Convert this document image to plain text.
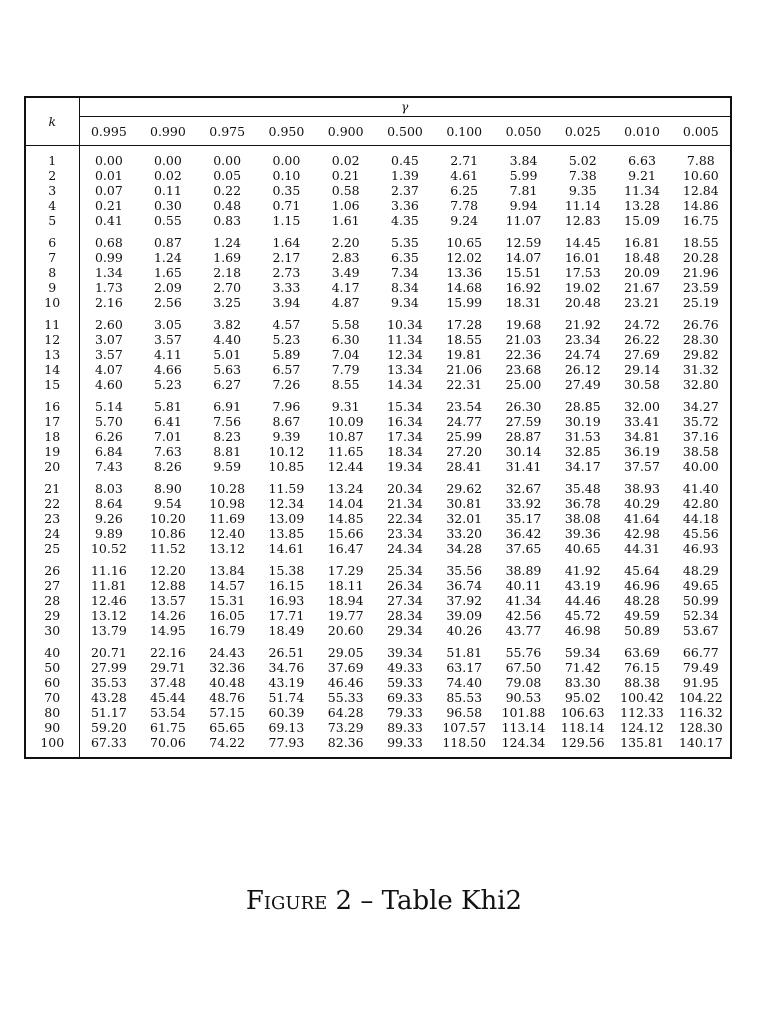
k	γ										
	0.995	0.990	0.975	0.950	0.900	0.500	0.100	0.050	0.025	0.010	0.005

1	0.00	0.00	0.00	0.00	0.02	0.45	2.71	3.84	5.02	6.63	7.88
2	0.01	0.02	0.05	0.10	0.21	1.39	4.61	5.99	7.38	9.21	10.60
3	0.07	0.11	0.22	0.35	0.58	2.37	6.25	7.81	9.35	11.34	12.84
4	0.21	0.30	0.48	0.71	1.06	3.36	7.78	9.94	11.14	13.28	14.86
5	0.41	0.55	0.83	1.15	1.61	4.35	9.24	11.07	12.83	15.09	16.75

6	0.68	0.87	1.24	1.64	2.20	5.35	10.65	12.59	14.45	16.81	18.55
7	0.99	1.24	1.69	2.17	2.83	6.35	12.02	14.07	16.01	18.48	20.28
8	1.34	1.65	2.18	2.73	3.49	7.34	13.36	15.51	17.53	20.09	21.96
9	1.73	2.09	2.70	3.33	4.17	8.34	14.68	16.92	19.02	21.67	23.59
10	2.16	2.56	3.25	3.94	4.87	9.34	15.99	18.31	20.48	23.21	25.19

11	2.60	3.05	3.82	4.57	5.58	10.34	17.28	19.68	21.92	24.72	26.76
12	3.07	3.57	4.40	5.23	6.30	11.34	18.55	21.03	23.34	26.22	28.30
13	3.57	4.11	5.01	5.89	7.04	12.34	19.81	22.36	24.74	27.69	29.82
14	4.07	4.66	5.63	6.57	7.79	13.34	21.06	23.68	26.12	29.14	31.32
15	4.60	5.23	6.27	7.26	8.55	14.34	22.31	25.00	27.49	30.58	32.80

16	5.14	5.81	6.91	7.96	9.31	15.34	23.54	26.30	28.85	32.00	34.27
17	5.70	6.41	7.56	8.67	10.09	16.34	24.77	27.59	30.19	33.41	35.72
18	6.26	7.01	8.23	9.39	10.87	17.34	25.99	28.87	31.53	34.81	37.16
19	6.84	7.63	8.81	10.12	11.65	18.34	27.20	30.14	32.85	36.19	38.58
20	7.43	8.26	9.59	10.85	12.44	19.34	28.41	31.41	34.17	37.57	40.00

21	8.03	8.90	10.28	11.59	13.24	20.34	29.62	32.67	35.48	38.93	41.40
22	8.64	9.54	10.98	12.34	14.04	21.34	30.81	33.92	36.78	40.29	42.80
23	9.26	10.20	11.69	13.09	14.85	22.34	32.01	35.17	38.08	41.64	44.18
24	9.89	10.86	12.40	13.85	15.66	23.34	33.20	36.42	39.36	42.98	45.56
25	10.52	11.52	13.12	14.61	16.47	24.34	34.28	37.65	40.65	44.31	46.93

26	11.16	12.20	13.84	15.38	17.29	25.34	35.56	38.89	41.92	45.64	48.29
27	11.81	12.88	14.57	16.15	18.11	26.34	36.74	40.11	43.19	46.96	49.65
28	12.46	13.57	15.31	16.93	18.94	27.34	37.92	41.34	44.46	48.28	50.99
29	13.12	14.26	16.05	17.71	19.77	28.34	39.09	42.56	45.72	49.59	52.34
30	13.79	14.95	16.79	18.49	20.60	29.34	40.26	43.77	46.98	50.89	53.67

40	20.71	22.16	24.43	26.51	29.05	39.34	51.81	55.76	59.34	63.69	66.77
50	27.99	29.71	32.36	34.76	37.69	49.33	63.17	67.50	71.42	76.15	79.49
60	35.53	37.48	40.48	43.19	46.46	59.33	74.40	79.08	83.30	88.38	91.95
70	43.28	45.44	48.76	51.74	55.33	69.33	85.53	90.53	95.02	100.42	104.22
80	51.17	53.54	57.15	60.39	64.28	79.33	96.58	101.88	106.63	112.33	116.32
90	59.20	61.75	65.65	69.13	73.29	89.33	107.57	113.14	118.14	124.12	128.30
100	67.33	70.06	74.22	77.93	82.36	99.33	118.50	124.34	129.56	135.81	140.17

Figure 2 – Table Khi2
